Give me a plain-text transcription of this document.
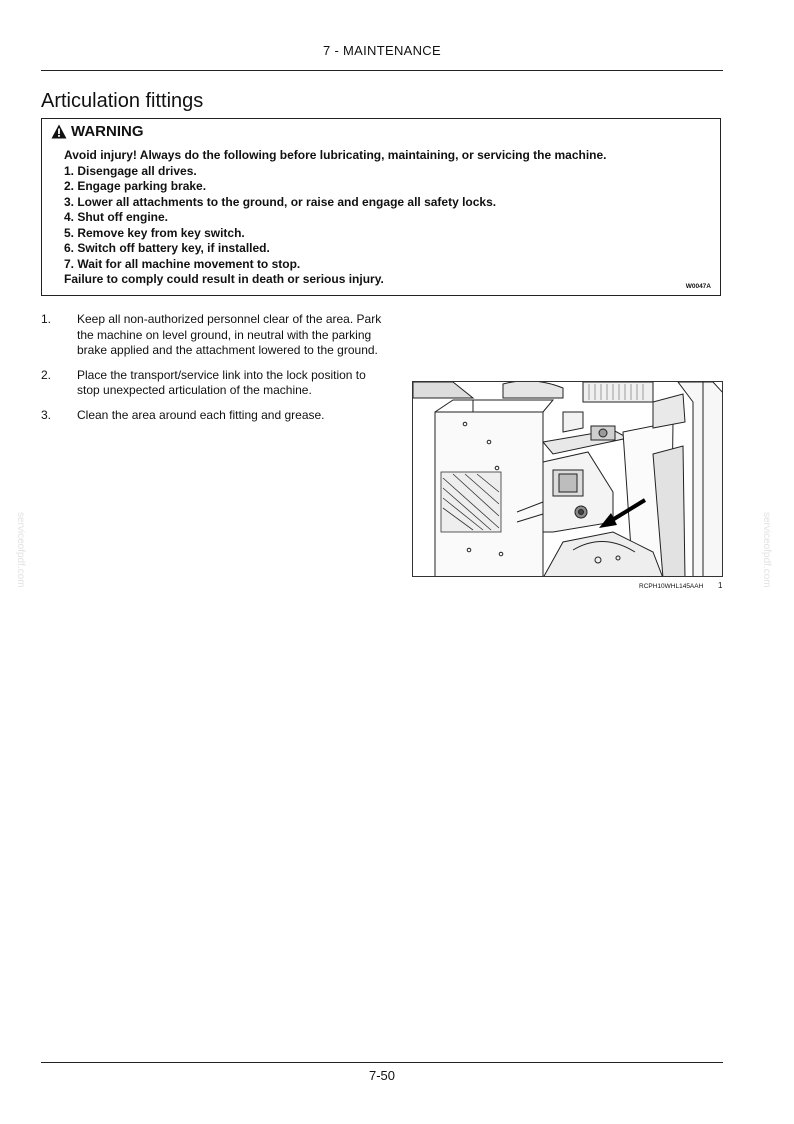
7 - MAINTENANCE
Articulation fittings
WARNING
Avoid injury! Always do the following before lubricating, maintaining, or servicing the machine.
1. Disengage all drives.
2. Engage parking brake.
3. Lower all attachments to the ground, or raise and engage all safety locks.
4. Shut off engine.
5. Remove key from key switch.
6. Switch off battery key, if installed.
7. Wait for all machine movement to stop.
Failure to comply could result in death or serious injury.
W0047A
1.	Keep all non-authorized personnel clear of the area. Park the machine on level ground, in neutral with the parking brake applied and the attachment lowered to the ground.
2.	Place the transport/service link into the lock position to stop unexpected articulation of the machine.
3.	Clean the area around each fitting and grease.
RCPH10WHL145AAH 1
serviceofpdf.com	serviceofpdf.com
7-50
